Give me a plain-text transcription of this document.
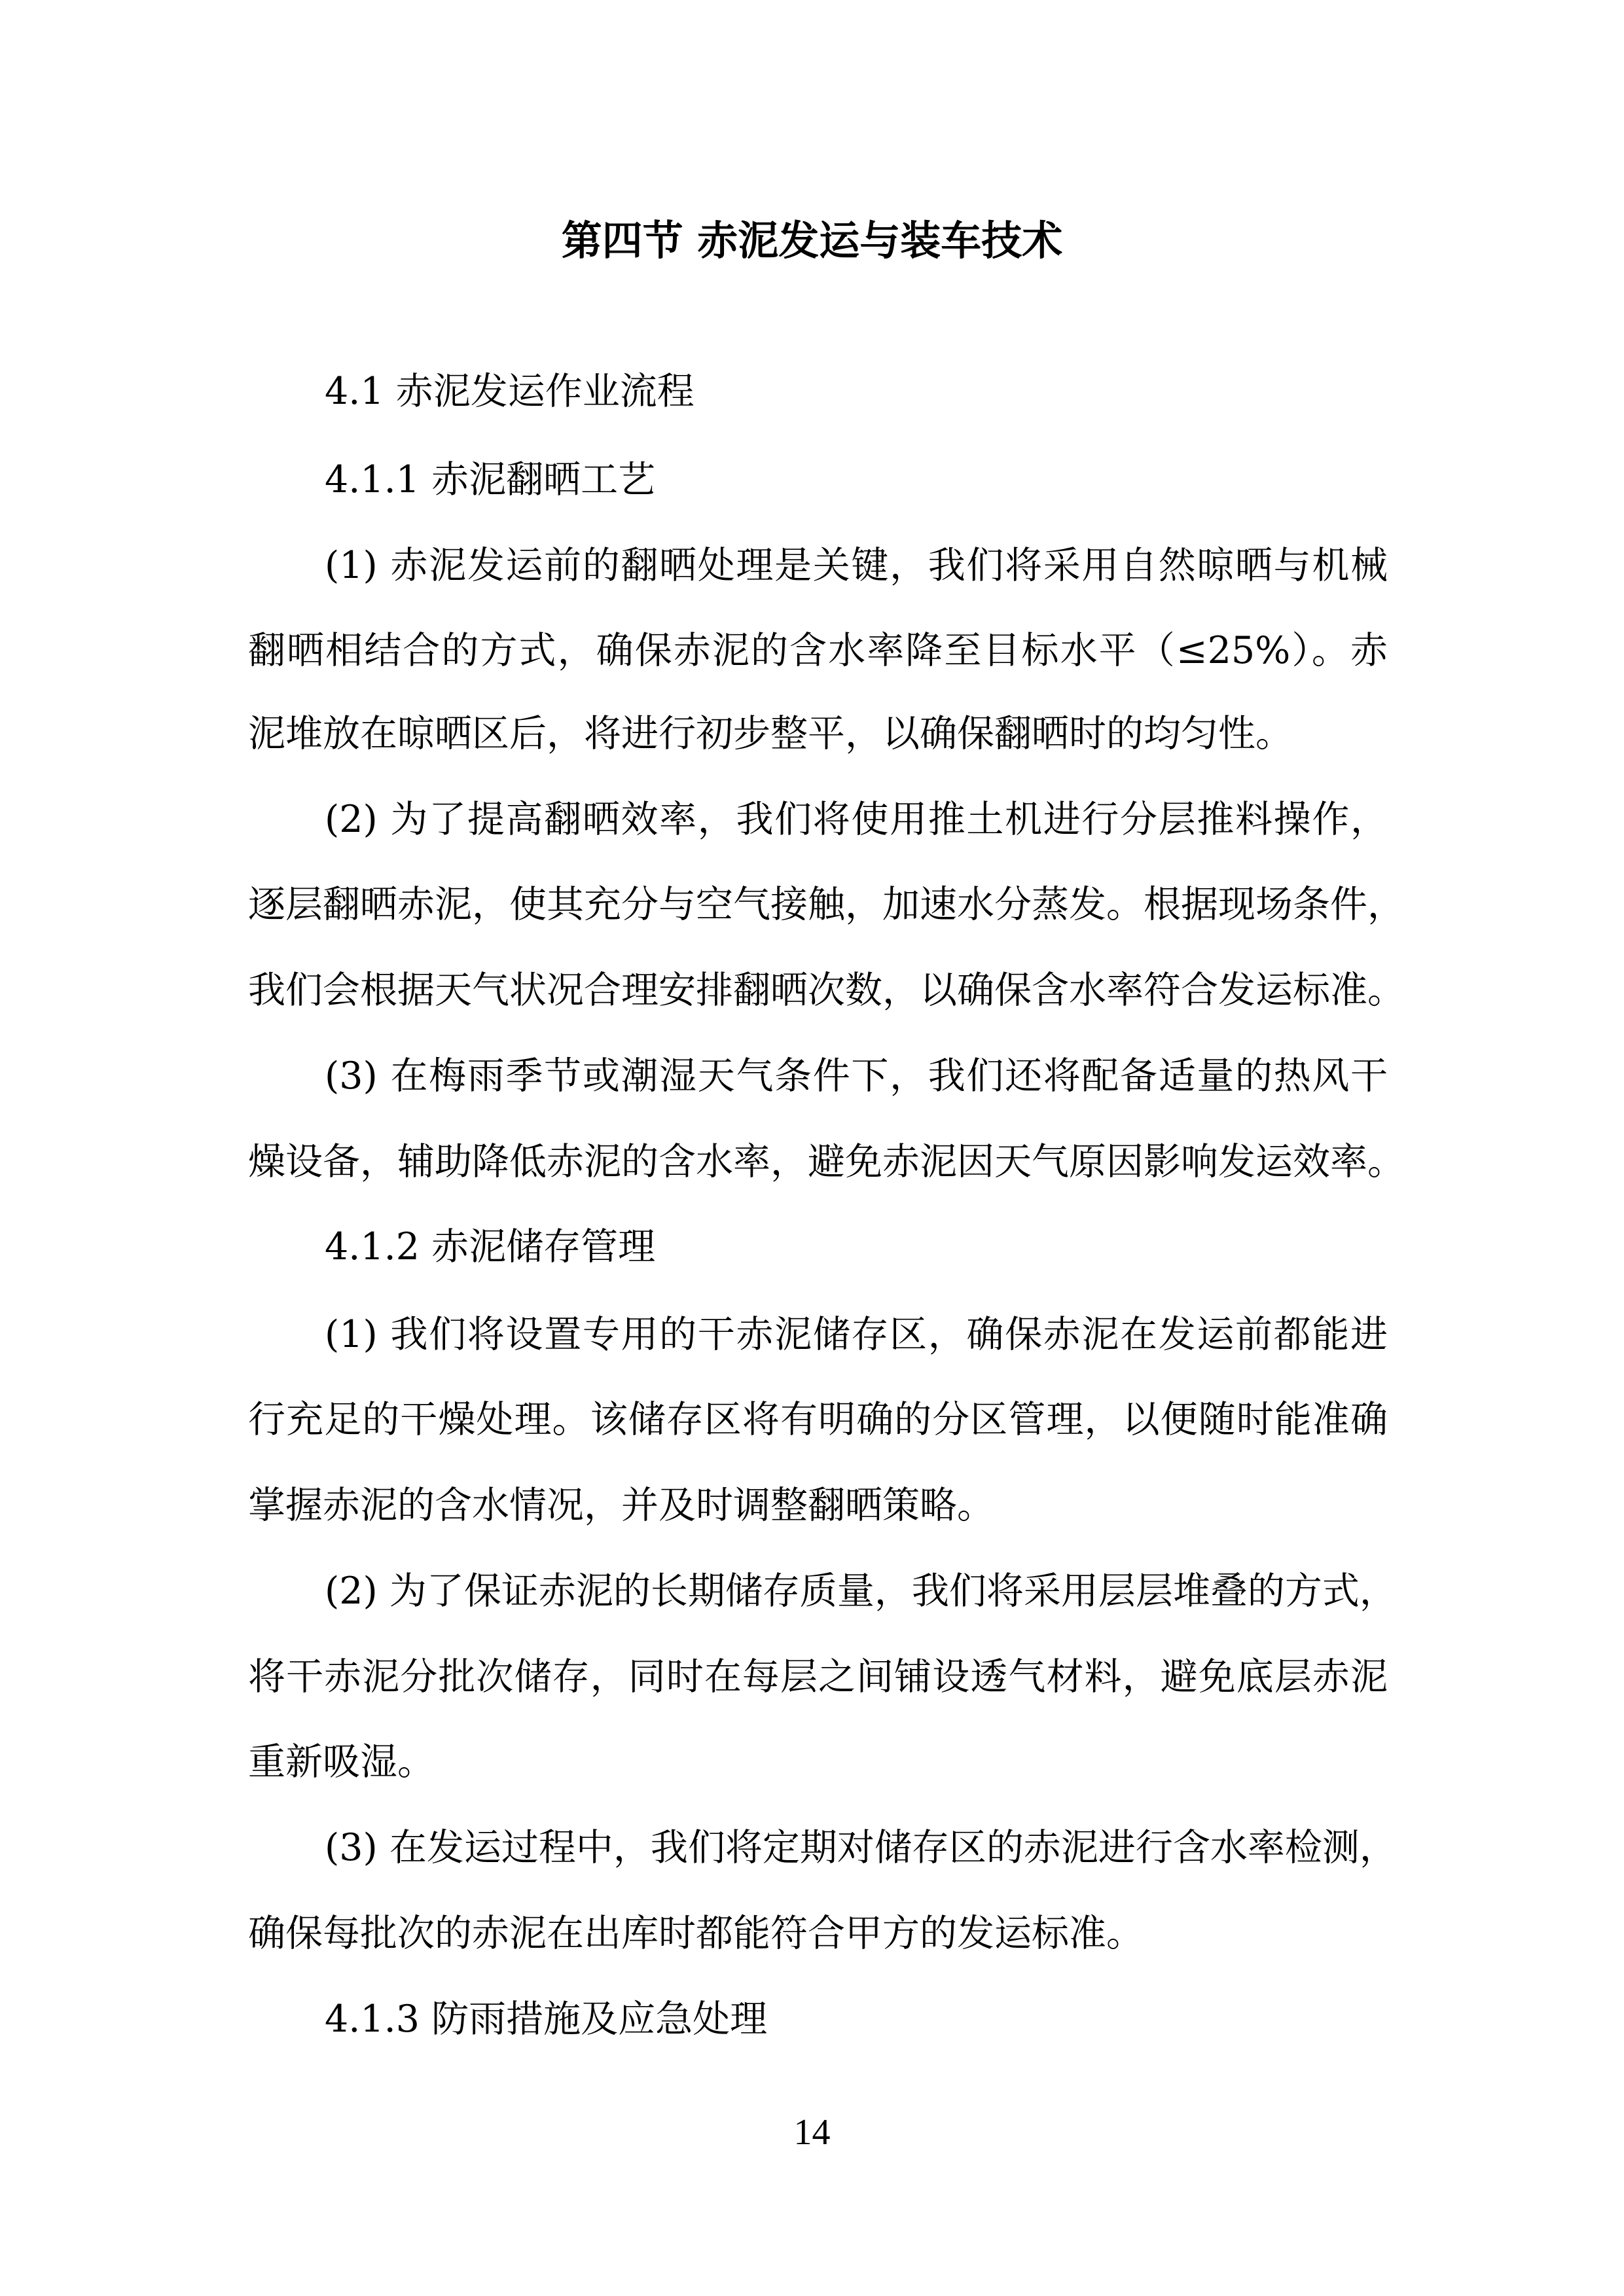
第四节 赤泥发运与装车技术
4.1 赤泥发运作业流程
4.1.1 赤泥翻晒工艺
(1) 赤泥发运前的翻晒处理是关键，我们将采用自然晾晒与机械
翻晒相结合的方式，确保赤泥的含水率降至目标水平（≤25%）。赤
泥堆放在晾晒区后，将进行初步整平，以确保翻晒时的均匀性。
(2) 为了提高翻晒效率，我们将使用推土机进行分层推料操作，
逐层翻晒赤泥，使其充分与空气接触，加速水分蒸发。根据现场条件，
我们会根据天气状况合理安排翻晒次数，以确保含水率符合发运标准。
(3) 在梅雨季节或潮湿天气条件下，我们还将配备适量的热风干
燥设备，辅助降低赤泥的含水率，避免赤泥因天气原因影响发运效率。
4.1.2 赤泥储存管理
(1) 我们将设置专用的干赤泥储存区，确保赤泥在发运前都能进
行充足的干燥处理。该储存区将有明确的分区管理，以便随时能准确
掌握赤泥的含水情况，并及时调整翻晒策略。
(2) 为了保证赤泥的长期储存质量，我们将采用层层堆叠的方式，
将干赤泥分批次储存，同时在每层之间铺设透气材料，避免底层赤泥
重新吸湿。
(3) 在发运过程中，我们将定期对储存区的赤泥进行含水率检测，
确保每批次的赤泥在出库时都能符合甲方的发运标准。
4.1.3 防雨措施及应急处理
14
